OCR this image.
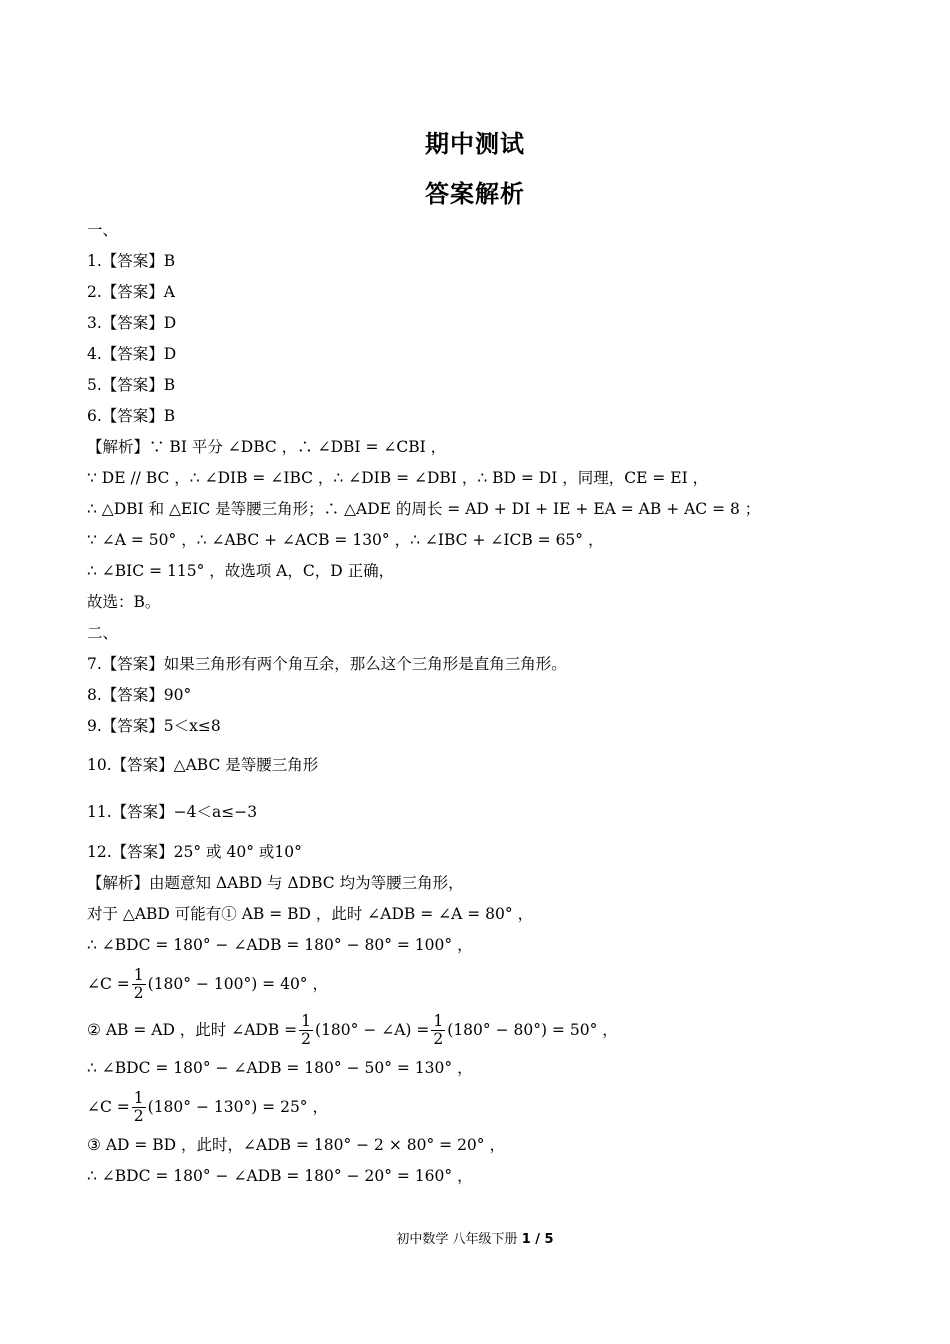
期中测试
答案解析
一、
1.【答案】B
2.【答案】A
3.【答案】D
4.【答案】D
5.【答案】B
6.【答案】B
【解析】∵ BI 平分 ∠DBC ，∴ ∠DBI = ∠CBI ，
∵ DE // BC ，∴ ∠DIB = ∠IBC ，∴ ∠DIB = ∠DBI ，∴ BD = DI ，同理，CE = EI ，
∴ △DBI 和 △EIC 是等腰三角形；∴ △ADE 的周长 = AD + DI + IE + EA = AB + AC = 8 ；
∵ ∠A = 50° ，∴ ∠ABC + ∠ACB = 130° ，∴ ∠IBC + ∠ICB = 65° ，
∴ ∠BIC = 115° ，故选项 A，C，D 正确，
故选：B。
二、
7.【答案】如果三角形有两个角互余，那么这个三角形是直角三角形。
8.【答案】90°
9.【答案】5＜x≤8
10.【答案】△ABC 是等腰三角形
11.【答案】−4＜a≤−3
12.【答案】25° 或 40° 或10°
【解析】由题意知 ΔABD 与 ΔDBC 均为等腰三角形，
对于 △ABD 可能有① AB = BD ，此时 ∠ADB = ∠A = 80° ，
∴ ∠BDC = 180° − ∠ADB = 180° − 80° = 100° ，
∠C = $\frac{1}{2} (180^\circ - 100^\circ) = 40^\circ$ ，
② AB = AD ，此时 ∠ADB = $\frac{1}{2} (180^\circ$ − ∠A) = $\frac{1}{2} (180^\circ - 80^\circ) = 50^\circ$ ，
∴ ∠BDC = 180° − ∠ADB = 180° − 50° = 130° ，
∠C = $\frac{1}{2} (180^\circ - 130^\circ) = 25^\circ$ ，
③ AD = BD ，此时，∠ADB = 180° − 2 × 80° = 20° ，
∴ ∠BDC = 180° − ∠ADB = 180° − 20° = 160° ，
初中数学 八年级下册 1 / 5
